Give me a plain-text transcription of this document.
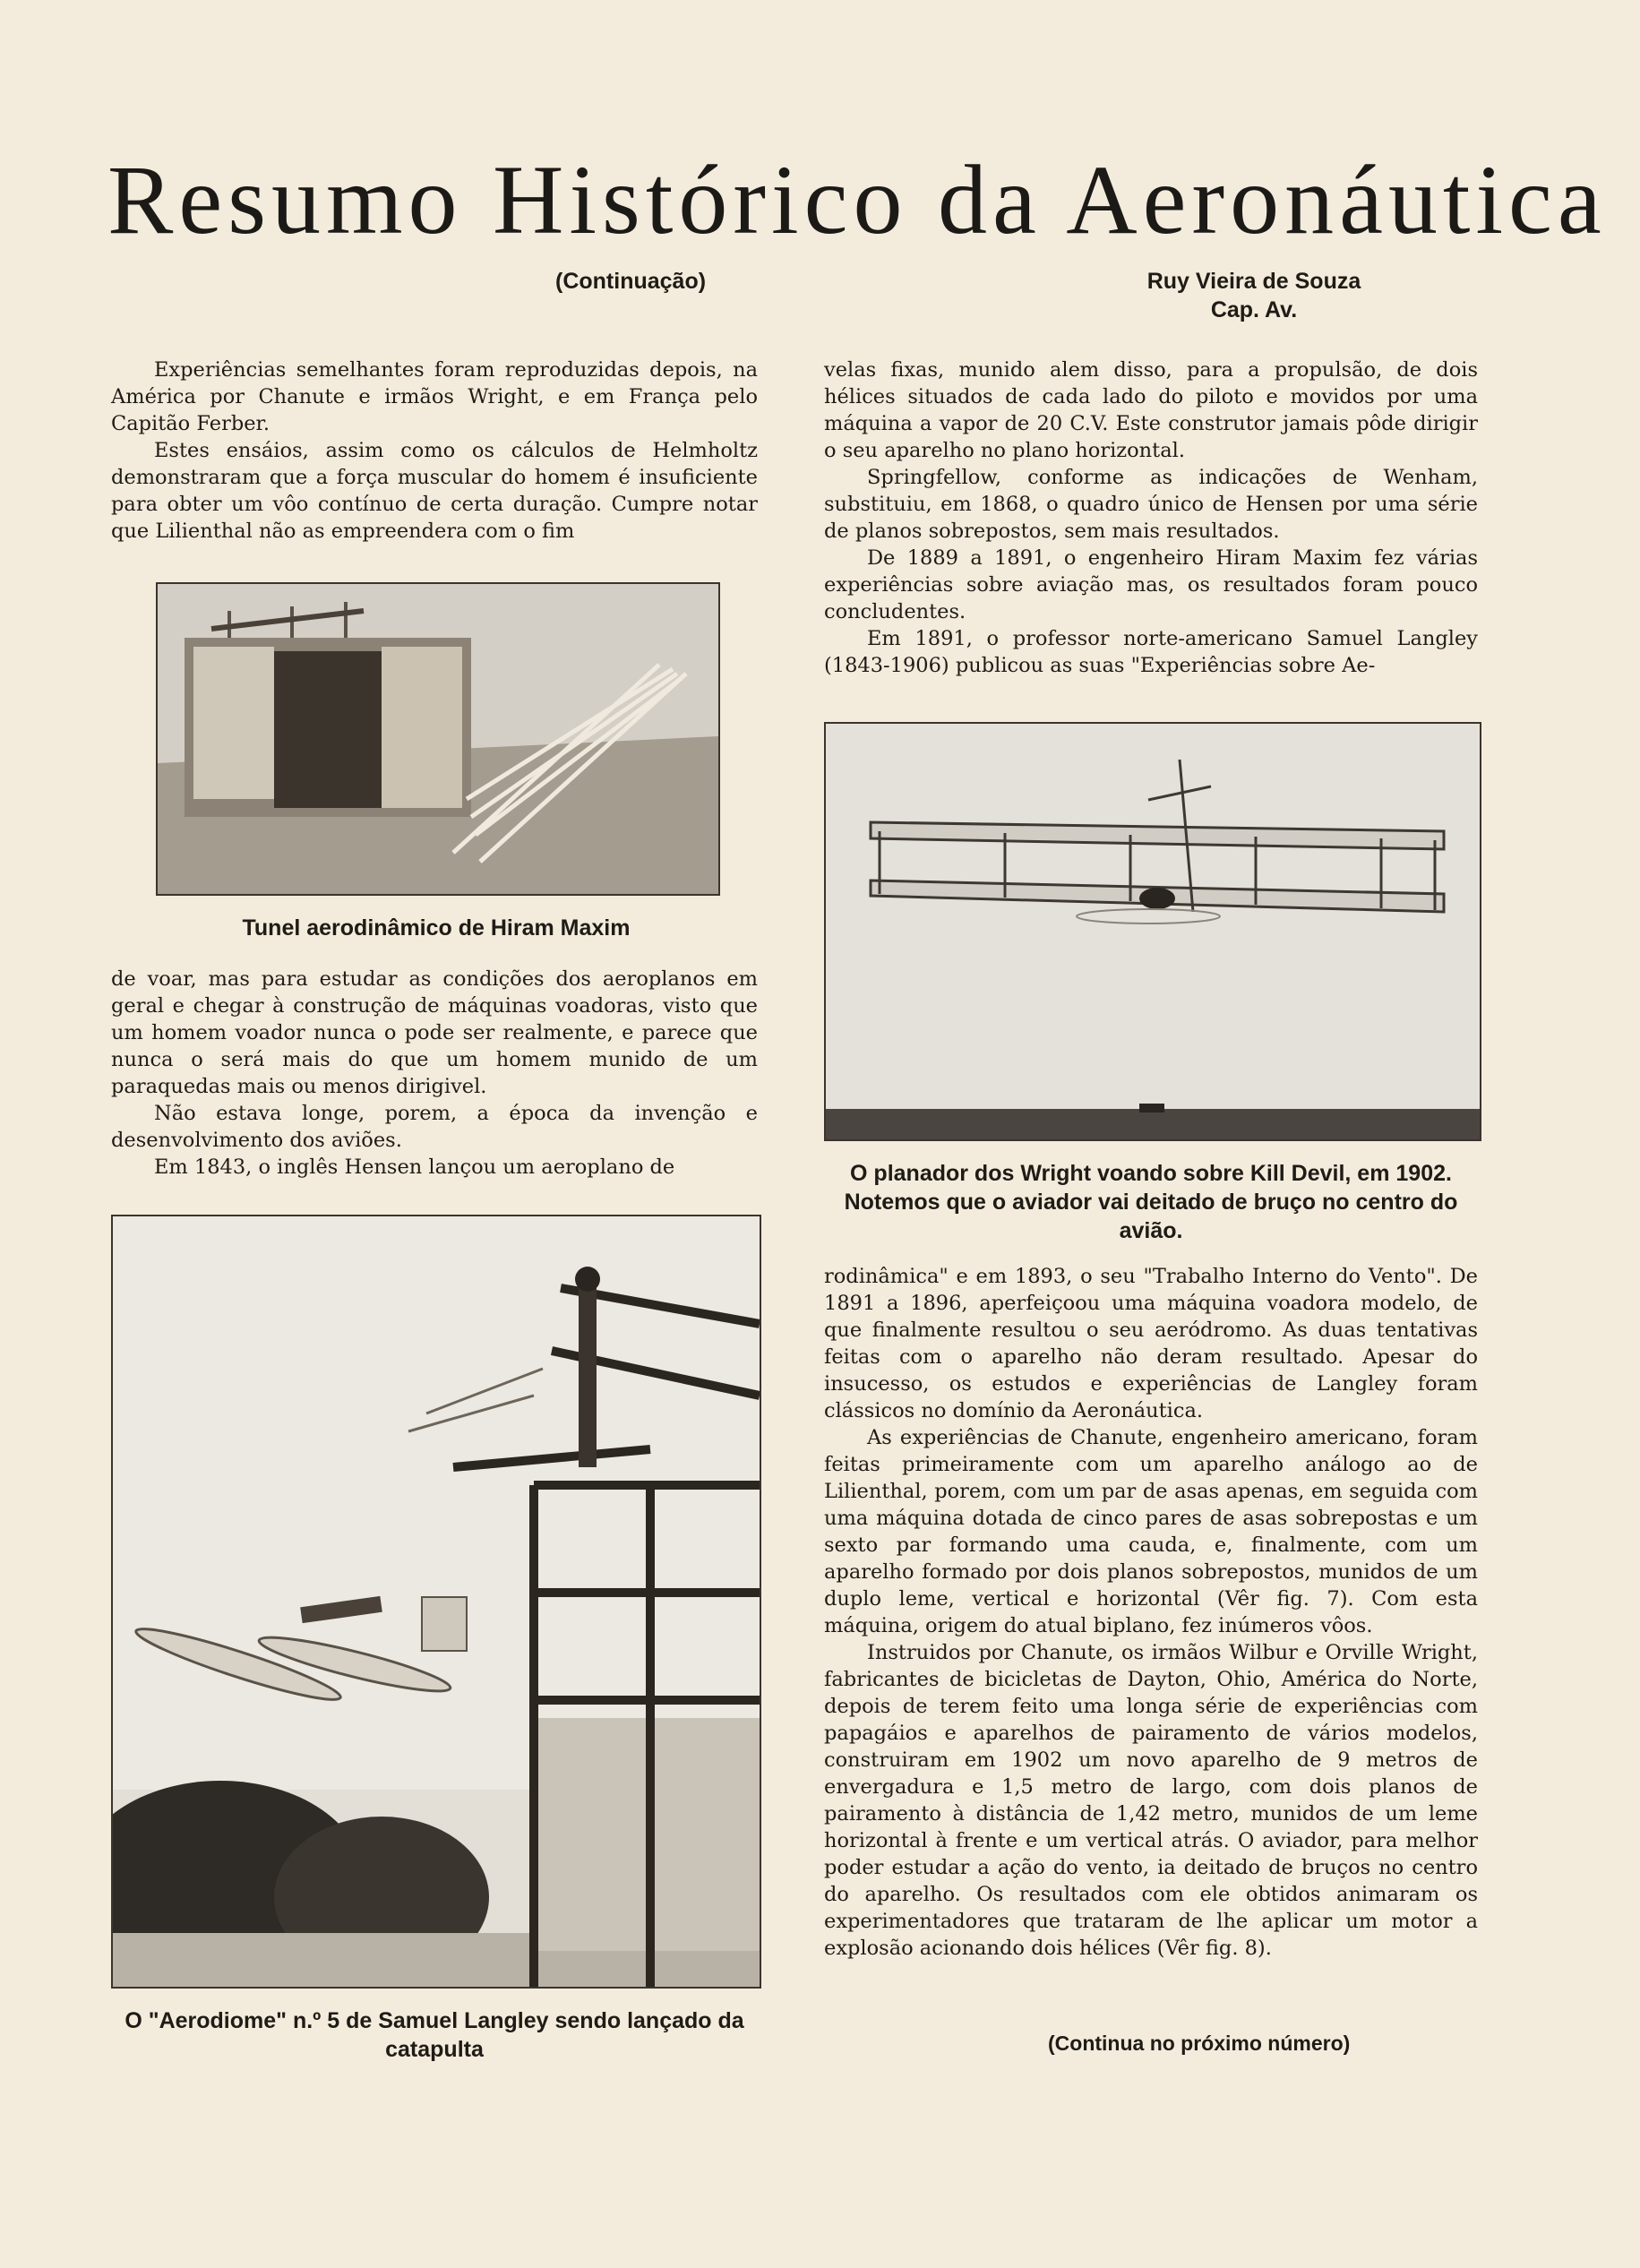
Resumo Histórico da Aeronáutica
(Continuação)	Ruy Vieira de Souza
Cap. Av.

Experiências semelhantes foram reproduzidas depois, na América por Chanute e irmãos Wright, e em França pelo Capitão Ferber.

Estes ensáios, assim como os cálculos de Helmholtz demonstraram que a força muscular do homem é insuficiente para obter um vôo contínuo de certa duração. Cumpre notar que Lilienthal não as empreendera com o fim

Tunel aerodinâmico de Hiram Maxim

de voar, mas para estudar as condições dos aeroplanos em geral e chegar à construção de máquinas voadoras, visto que um homem voador nunca o pode ser realmente, e parece que nunca o será mais do que um homem munido de um paraquedas mais ou menos dirigivel.

Não estava longe, porem, a época da invenção e desenvolvimento dos aviões.

Em 1843, o inglês Hensen lançou um aeroplano de

O "Aerodiome" n.º 5 de Samuel Langley sendo lançado da catapulta

velas fixas, munido alem disso, para a propulsão, de dois hélices situados de cada lado do piloto e movidos por uma máquina a vapor de 20 C.V. Este construtor jamais pôde dirigir o seu aparelho no plano horizontal.

Springfellow, conforme as indicações de Wenham, substituiu, em 1868, o quadro único de Hensen por uma série de planos sobrepostos, sem mais resultados.

De 1889 a 1891, o engenheiro Hiram Maxim fez várias experiências sobre aviação mas, os resultados foram pouco concludentes.

Em 1891, o professor norte-americano Samuel Langley (1843-1906) publicou as suas "Experiências sobre Ae-

O planador dos Wright voando sobre Kill Devil, em 1902. Notemos que o aviador vai deitado de bruço no centro do avião.

rodinâmica" e em 1893, o seu "Trabalho Interno do Vento". De 1891 a 1896, aperfeiçoou uma máquina voadora modelo, de que finalmente resultou o seu aeródromo. As duas tentativas feitas com o aparelho não deram resultado. Apesar do insucesso, os estudos e experiências de Langley foram clássicos no domínio da Aeronáutica.

As experiências de Chanute, engenheiro americano, foram feitas primeiramente com um aparelho análogo ao de Lilienthal, porem, com um par de asas apenas, em seguida com uma máquina dotada de cinco pares de asas sobrepostas e um sexto par formando uma cauda, e, finalmente, com um aparelho formado por dois planos sobrepostos, munidos de um duplo leme, vertical e horizontal (Vêr fig. 7). Com esta máquina, origem do atual biplano, fez inúmeros vôos.

Instruidos por Chanute, os irmãos Wilbur e Orville Wright, fabricantes de bicicletas de Dayton, Ohio, América do Norte, depois de terem feito uma longa série de experiências com papagáios e aparelhos de pairamento de vários modelos, construiram em 1902 um novo aparelho de 9 metros de envergadura e 1,5 metro de largo, com dois planos de pairamento à distância de 1,42 metro, munidos de um leme horizontal à frente e um vertical atrás. O aviador, para melhor poder estudar a ação do vento, ia deitado de bruços no centro do aparelho. Os resultados com ele obtidos animaram os experimentadores que trataram de lhe aplicar um motor a explosão acionando dois hélices (Vêr fig. 8).

(Continua no próximo número)
